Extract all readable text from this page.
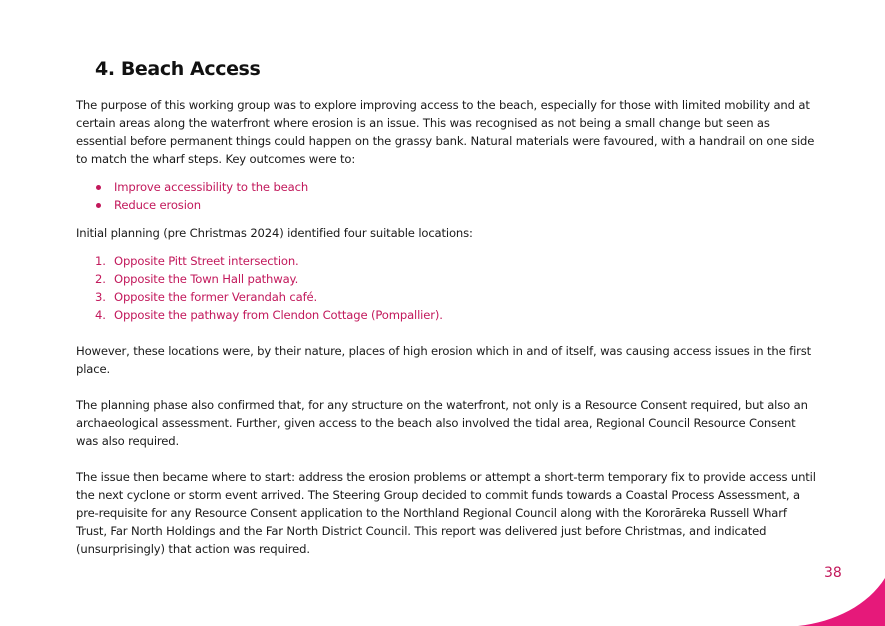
4. Beach Access

The purpose of this working group was to explore improving access to the beach, especially for those with limited mobility and at certain areas along the waterfront where erosion is an issue. This was recognised as not being a small change but seen as essential before permanent things could happen on the grassy bank. Natural materials were favoured, with a handrail on one side to match the wharf steps. Key outcomes were to:

Improve accessibility to the beach
Reduce erosion

Initial planning (pre Christmas 2024) identified four suitable locations:

1. Opposite Pitt Street intersection.
2. Opposite the Town Hall pathway.
3. Opposite the former Verandah café.
4. Opposite the pathway from Clendon Cottage (Pompallier).

However, these locations were, by their nature, places of high erosion which in and of itself, was causing access issues in the first place.

The planning phase also confirmed that, for any structure on the waterfront, not only is a Resource Consent required, but also an archaeological assessment. Further, given access to the beach also involved the tidal area, Regional Council Resource Consent was also required.

The issue then became where to start: address the erosion problems or attempt a short-term temporary fix to provide access until the next cyclone or storm event arrived. The Steering Group decided to commit funds towards a Coastal Process Assessment, a pre-requisite for any Resource Consent application to the Northland Regional Council along with the Kororāreka Russell Wharf Trust, Far North Holdings and the Far North District Council. This report was delivered just before Christmas, and indicated (unsurprisingly) that action was required.

38
